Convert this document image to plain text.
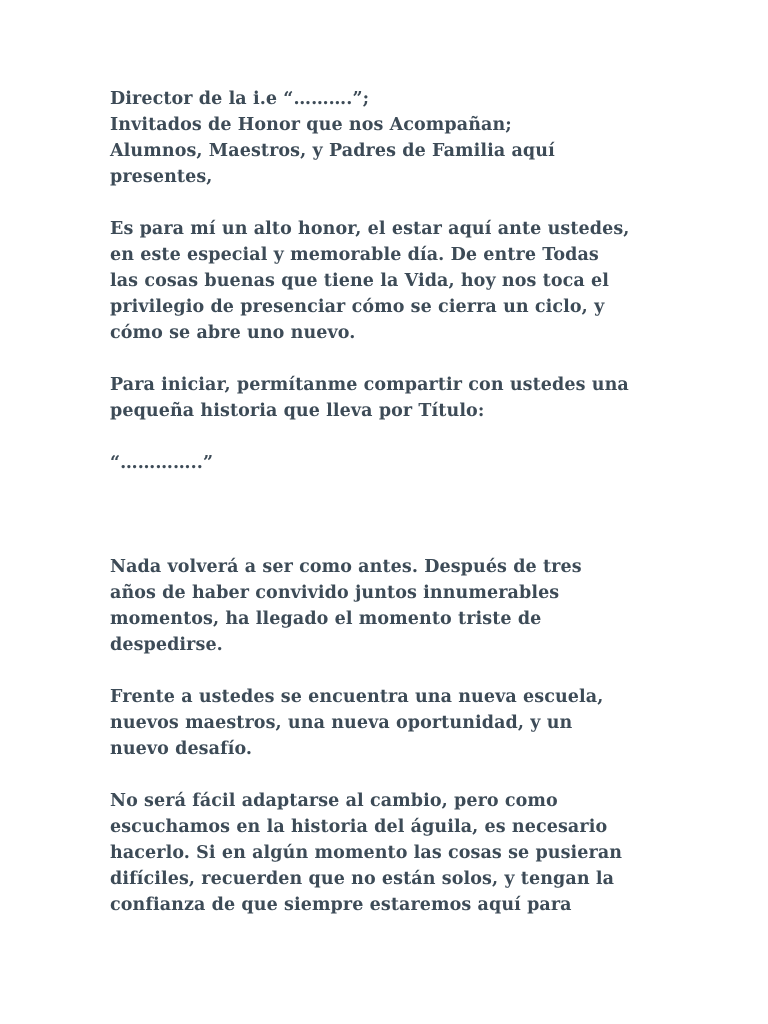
Director de la i.e “……….”;
Invitados de Honor que nos Acompañan;
Alumnos, Maestros, y Padres de Familia aquí
presentes,
Es para mí un alto honor, el estar aquí ante ustedes,
en este especial y memorable día. De entre Todas
las cosas buenas que tiene la Vida, hoy nos toca el
privilegio de presenciar cómo se cierra un ciclo, y
cómo se abre uno nuevo.
Para iniciar, permítanme compartir con ustedes una
pequeña historia que lleva por Título:
“…………..”
Nada volverá a ser como antes. Después de tres
años de haber convivido juntos innumerables
momentos, ha llegado el momento triste de
despedirse.
Frente a ustedes se encuentra una nueva escuela,
nuevos maestros, una nueva oportunidad, y un
nuevo desafío.
No será fácil adaptarse al cambio, pero como
escuchamos en la historia del águila, es necesario
hacerlo. Si en algún momento las cosas se pusieran
difíciles, recuerden que no están solos, y tengan la
confianza de que siempre estaremos aquí para
